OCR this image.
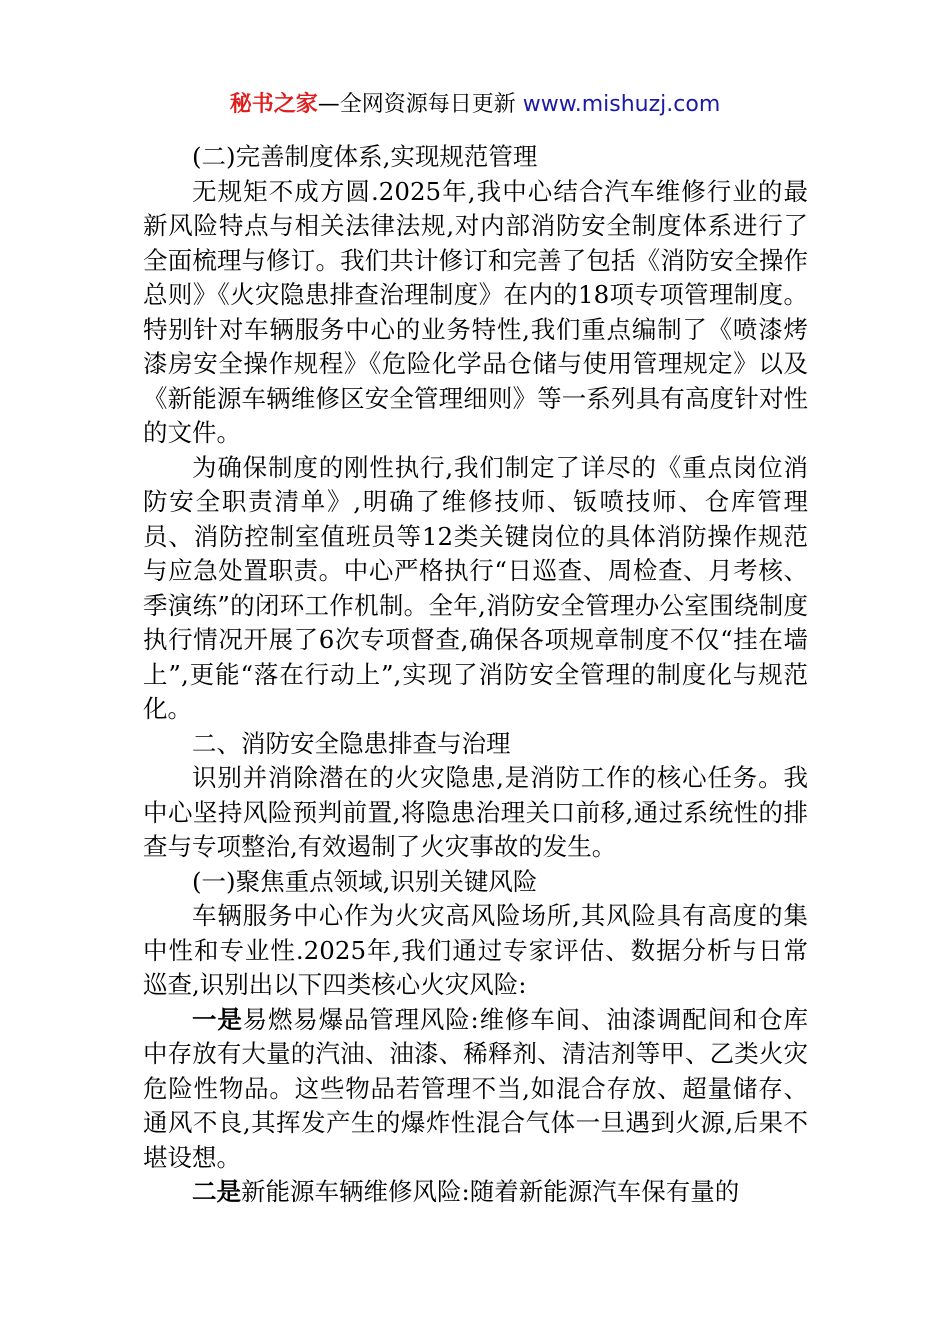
秘书之家—全网资源每日更新 www.mishuzj.com

(二)完善制度体系,实现规范管理

无规矩不成方圆.2025年,我中心结合汽车维修行业的最新风险特点与相关法律法规,对内部消防安全制度体系进行了全面梳理与修订。我们共计修订和完善了包括《消防安全操作总则》《火灾隐患排查治理制度》在内的18项专项管理制度。特别针对车辆服务中心的业务特性,我们重点编制了《喷漆烤漆房安全操作规程》《危险化学品仓储与使用管理规定》以及《新能源车辆维修区安全管理细则》等一系列具有高度针对性的文件。

为确保制度的刚性执行,我们制定了详尽的《重点岗位消防安全职责清单》,明确了维修技师、钣喷技师、仓库管理员、消防控制室值班员等12类关键岗位的具体消防操作规范与应急处置职责。中心严格执行“日巡查、周检查、月考核、季演练”的闭环工作机制。全年,消防安全管理办公室围绕制度执行情况开展了6次专项督查,确保各项规章制度不仅“挂在墙上”,更能“落在行动上”,实现了消防安全管理的制度化与规范化。

二、消防安全隐患排查与治理

识别并消除潜在的火灾隐患,是消防工作的核心任务。我中心坚持风险预判前置,将隐患治理关口前移,通过系统性的排查与专项整治,有效遏制了火灾事故的发生。

(一)聚焦重点领域,识别关键风险

车辆服务中心作为火灾高风险场所,其风险具有高度的集中性和专业性.2025年,我们通过专家评估、数据分析与日常巡查,识别出以下四类核心火灾风险:

一是易燃易爆品管理风险:维修车间、油漆调配间和仓库中存放有大量的汽油、油漆、稀释剂、清洁剂等甲、乙类火灾危险性物品。这些物品若管理不当,如混合存放、超量储存、通风不良,其挥发产生的爆炸性混合气体一旦遇到火源,后果不堪设想。

二是新能源车辆维修风险:随着新能源汽车保有量的
